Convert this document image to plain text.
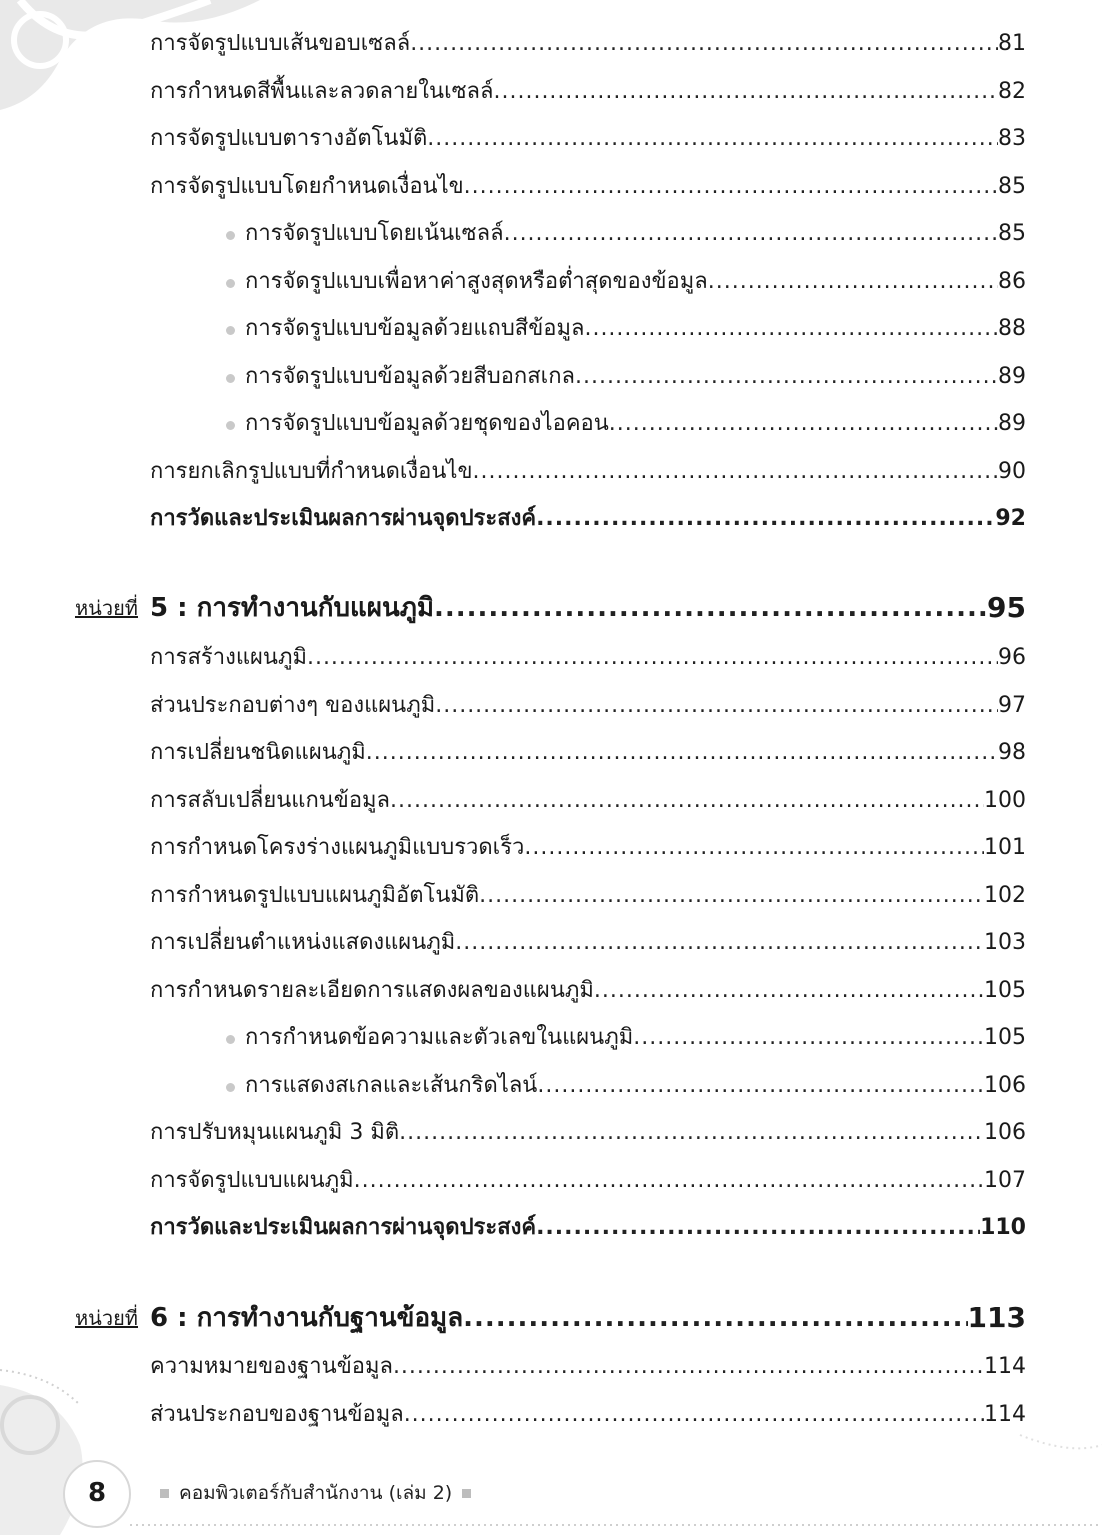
การจัดรูปแบบเส้นขอบเซลล์ .....	81
การกำหนดสีพื้นและลวดลายในเซลล์ .....	82
การจัดรูปแบบตารางอัตโนมัติ .....	83
การจัดรูปแบบโดยกำหนดเงื่อนไข .....	85
การจัดรูปแบบโดยเน้นเซลล์ .....	85
การจัดรูปแบบเพื่อหาค่าสูงสุดหรือต่ำสุดของข้อมูล .....	86
การจัดรูปแบบข้อมูลด้วยแถบสีข้อมูล .....	88
การจัดรูปแบบข้อมูลด้วยสีบอกสเกล .....	89
การจัดรูปแบบข้อมูลด้วยชุดของไอคอน .....	89
การยกเลิกรูปแบบที่กำหนดเงื่อนไข .....	90
การวัดและประเมินผลการผ่านจุดประสงค์ .....	92
หน่วยที่ 5 : การทำงานกับแผนภูมิ .....	95
การสร้างแผนภูมิ .....	96
ส่วนประกอบต่างๆ ของแผนภูมิ .....	97
การเปลี่ยนชนิดแผนภูมิ .....	98
การสลับเปลี่ยนแกนข้อมูล .....	100
การกำหนดโครงร่างแผนภูมิแบบรวดเร็ว .....	101
การกำหนดรูปแบบแผนภูมิอัตโนมัติ .....	102
การเปลี่ยนตำแหน่งแสดงแผนภูมิ .....	103
การกำหนดรายละเอียดการแสดงผลของแผนภูมิ .....	105
การกำหนดข้อความและตัวเลขในแผนภูมิ .....	105
การแสดงสเกลและเส้นกริดไลน์ .....	106
การปรับหมุนแผนภูมิ 3 มิติ .....	106
การจัดรูปแบบแผนภูมิ .....	107
การวัดและประเมินผลการผ่านจุดประสงค์ .....	110
หน่วยที่ 6 : การทำงานกับฐานข้อมูล .....	113
ความหมายของฐานข้อมูล .....	114
ส่วนประกอบของฐานข้อมูล .....	114
8	คอมพิวเตอร์กับสำนักงาน (เล่ม 2)
